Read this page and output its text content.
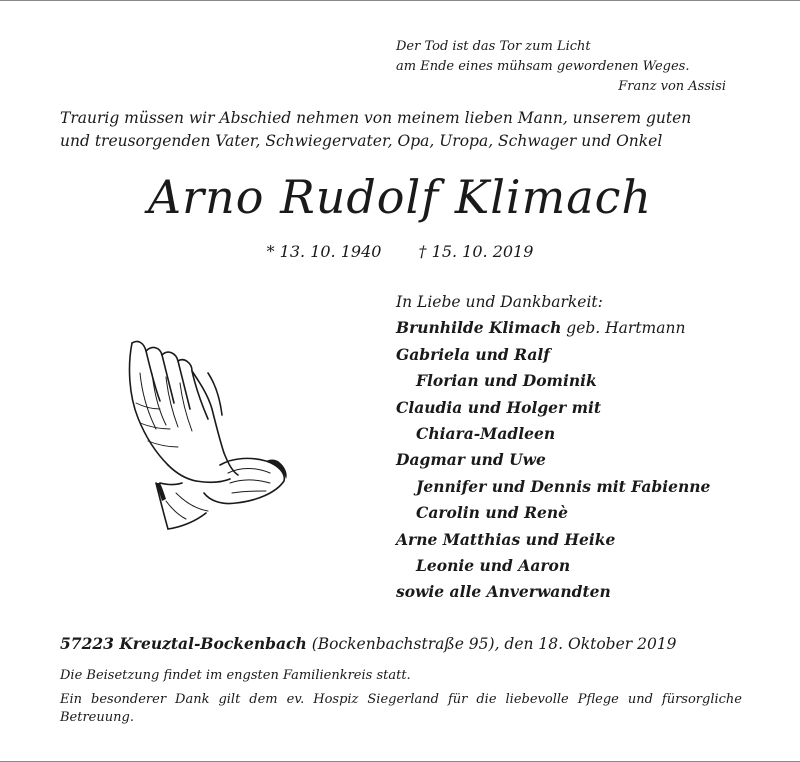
Der Tod ist das Tor zum Licht
am Ende eines mühsam gewordenen Weges.
Franz von Assisi
Traurig müssen wir Abschied nehmen von meinem lieben Mann, unserem guten
und treusorgenden Vater, Schwiegervater, Opa, Uropa, Schwager und Onkel
Arno Rudolf Klimach
* 13. 10. 1940 † 15. 10. 2019
In Liebe und Dankbarkeit:
Brunhilde Klimach geb. Hartmann
Gabriela und Ralf
Florian und Dominik
Claudia und Holger mit
Chiara-Madleen
Dagmar und Uwe
Jennifer und Dennis mit Fabienne
Carolin und Renè
Arne Matthias und Heike
Leonie und Aaron
sowie alle Anverwandten
57223 Kreuztal-Bockenbach (Bockenbachstraße 95), den 18. Oktober 2019

Die Beisetzung findet im engsten Familienkreis statt.

Ein besonderer Dank gilt dem ev. Hospiz Siegerland für die liebevolle Pflege und fürsorgliche Betreuung.
